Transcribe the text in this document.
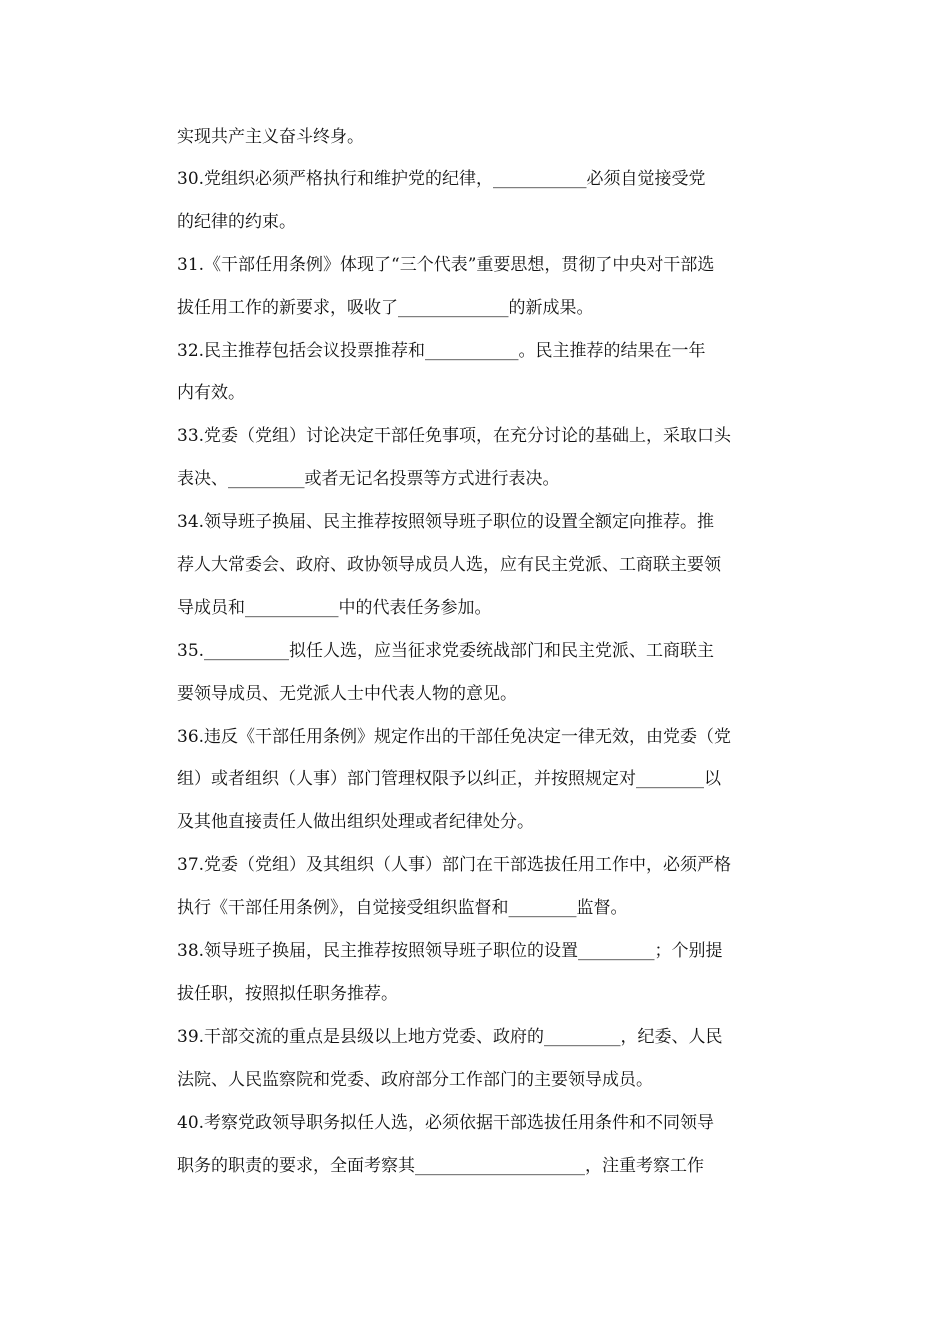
实现共产主义奋斗终身。
30.党组织必须严格执行和维护党的纪律，___________必须自觉接受党
的纪律的约束。
31.《干部任用条例》体现了“三个代表”重要思想，贯彻了中央对干部选
拔任用工作的新要求，吸收了_____________的新成果。
32.民主推荐包括会议投票推荐和___________。民主推荐的结果在一年
内有效。
33.党委（党组）讨论决定干部任免事项，在充分讨论的基础上，采取口头
表决、_________或者无记名投票等方式进行表决。
34.领导班子换届、民主推荐按照领导班子职位的设置全额定向推荐。推
荐人大常委会、政府、政协领导成员人选，应有民主党派、工商联主要领
导成员和___________中的代表任务参加。
35.__________拟任人选，应当征求党委统战部门和民主党派、工商联主
要领导成员、无党派人士中代表人物的意见。
36.违反《干部任用条例》规定作出的干部任免决定一律无效，由党委（党
组）或者组织（人事）部门管理权限予以纠正，并按照规定对________以
及其他直接责任人做出组织处理或者纪律处分。
37.党委（党组）及其组织（人事）部门在干部选拔任用工作中，必须严格
执行《干部任用条例》，自觉接受组织监督和________监督。
38.领导班子换届，民主推荐按照领导班子职位的设置_________；个别提
拔任职，按照拟任职务推荐。
39.干部交流的重点是县级以上地方党委、政府的_________，纪委、人民
法院、人民监察院和党委、政府部分工作部门的主要领导成员。
40.考察党政领导职务拟任人选，必须依据干部选拔任用条件和不同领导
职务的职责的要求，全面考察其____________________，注重考察工作
